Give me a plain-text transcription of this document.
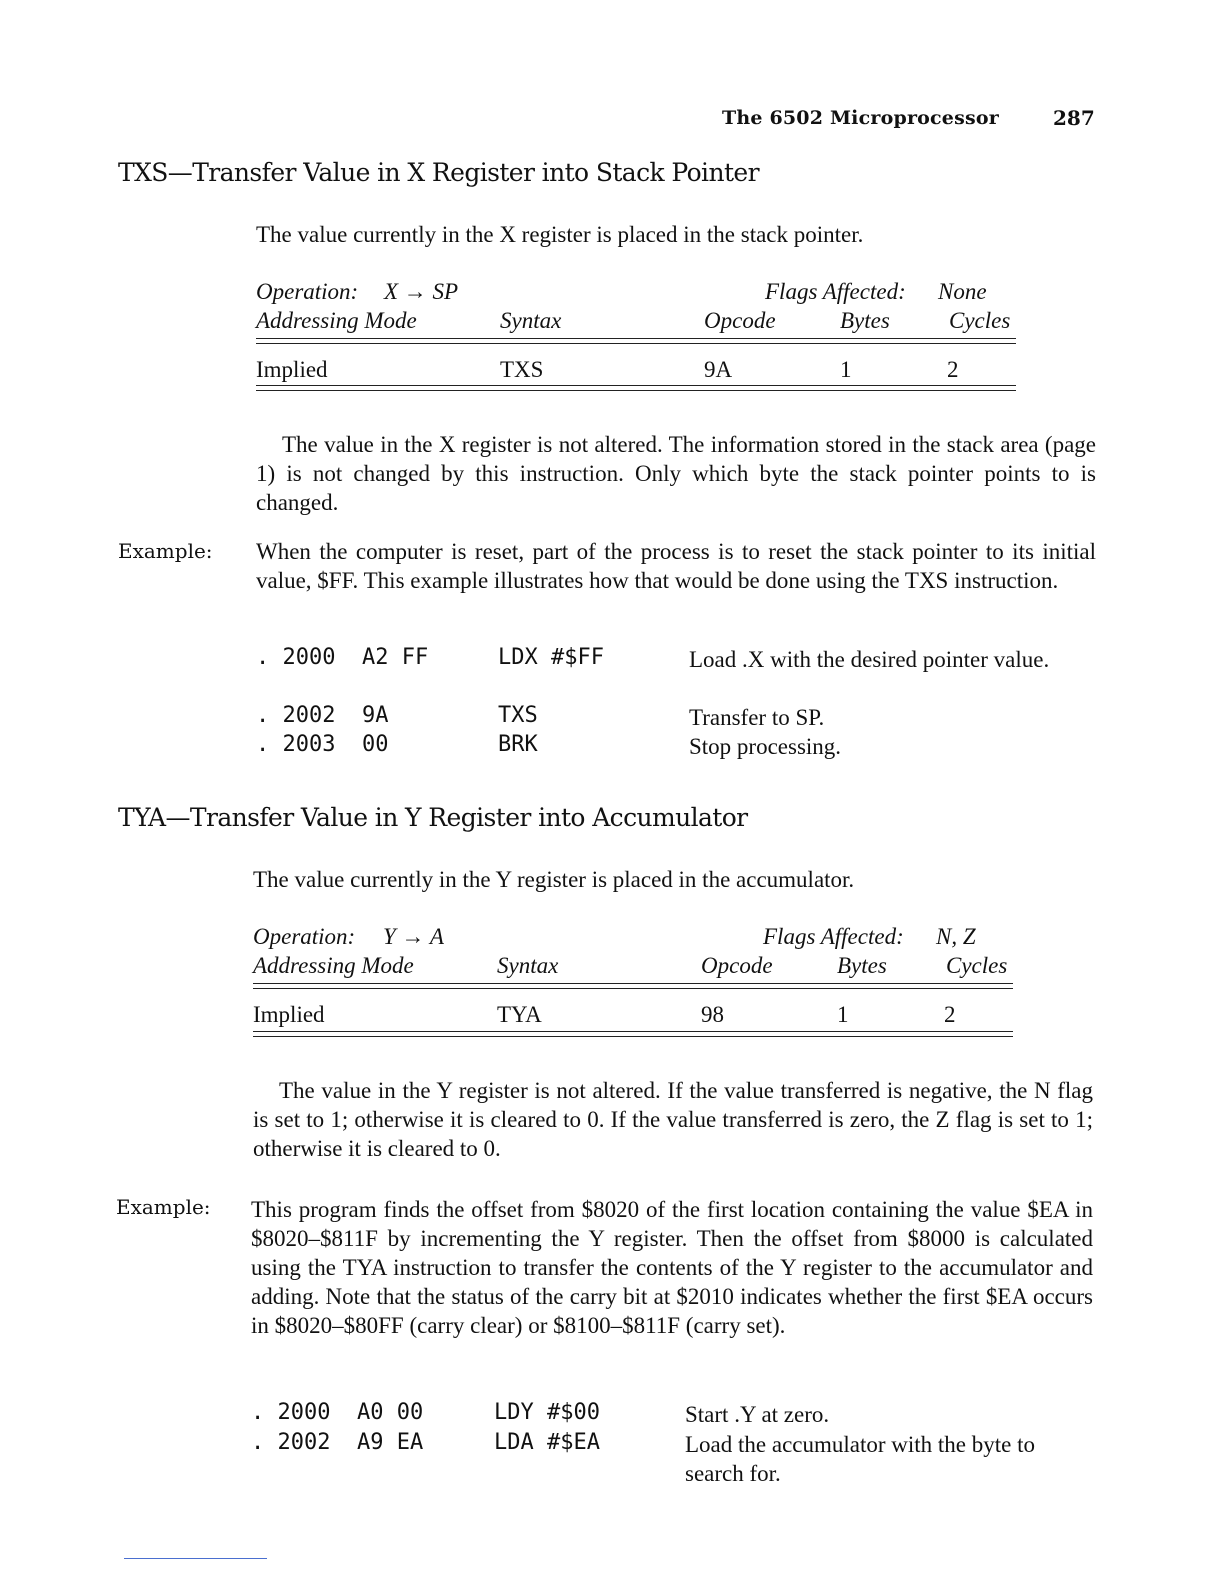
The 6502 Microprocessor	287
TXS—Transfer Value in X Register into Stack Pointer
The value currently in the X register is placed in the stack pointer.
Operation: X → SP	Flags Affected: None
Addressing Mode	Syntax	Opcode	Bytes	Cycles
Implied	TXS	9A	1	2
The value in the X register is not altered. The information stored in the stack area (page 1) is not changed by this instruction. Only which byte the stack pointer points to is changed.
Example: When the computer is reset, part of the process is to reset the stack pointer to its initial value, $FF. This example illustrates how that would be done using the TXS instruction.
. 2000  A2 FF	LDX #$FF	Load .X with the desired pointer value.
. 2002  9A	TXS	Transfer to SP.
. 2003  00	BRK	Stop processing.
TYA—Transfer Value in Y Register into Accumulator
The value currently in the Y register is placed in the accumulator.
Operation: Y → A	Flags Affected: N, Z
Addressing Mode	Syntax	Opcode	Bytes	Cycles
Implied	TYA	98	1	2
The value in the Y register is not altered. If the value transferred is negative, the N flag is set to 1; otherwise it is cleared to 0. If the value transferred is zero, the Z flag is set to 1; otherwise it is cleared to 0.
Example: This program finds the offset from $8020 of the first location containing the value $EA in $8020–$811F by incrementing the Y register. Then the offset from $8000 is calculated using the TYA instruction to transfer the contents of the Y register to the accumulator and adding. Note that the status of the carry bit at $2010 indicates whether the first $EA occurs in $8020–$80FF (carry clear) or $8100–$811F (carry set).
. 2000  A0 00	LDY #$00	Start .Y at zero.
. 2002  A9 EA	LDA #$EA	Load the accumulator with the byte to search for.
